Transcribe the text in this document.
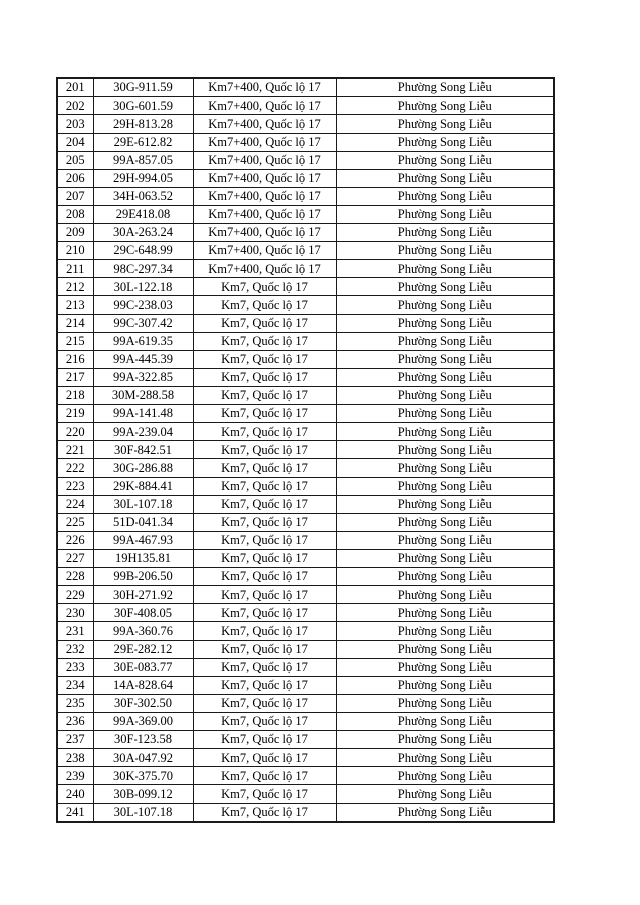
201	30G-911.59	Km7+400, Quốc lộ 17	Phường Song Liễu
202	30G-601.59	Km7+400, Quốc lộ 17	Phường Song Liễu
203	29H-813.28	Km7+400, Quốc lộ 17	Phường Song Liễu
204	29E-612.82	Km7+400, Quốc lộ 17	Phường Song Liễu
205	99A-857.05	Km7+400, Quốc lộ 17	Phường Song Liễu
206	29H-994.05	Km7+400, Quốc lộ 17	Phường Song Liễu
207	34H-063.52	Km7+400, Quốc lộ 17	Phường Song Liễu
208	29E418.08	Km7+400, Quốc lộ 17	Phường Song Liễu
209	30A-263.24	Km7+400, Quốc lộ 17	Phường Song Liễu
210	29C-648.99	Km7+400, Quốc lộ 17	Phường Song Liễu
211	98C-297.34	Km7+400, Quốc lộ 17	Phường Song Liễu
212	30L-122.18	Km7, Quốc lộ 17	Phường Song Liễu
213	99C-238.03	Km7, Quốc lộ 17	Phường Song Liễu
214	99C-307.42	Km7, Quốc lộ 17	Phường Song Liễu
215	99A-619.35	Km7, Quốc lộ 17	Phường Song Liễu
216	99A-445.39	Km7, Quốc lộ 17	Phường Song Liễu
217	99A-322.85	Km7, Quốc lộ 17	Phường Song Liễu
218	30M-288.58	Km7, Quốc lộ 17	Phường Song Liễu
219	99A-141.48	Km7, Quốc lộ 17	Phường Song Liễu
220	99A-239.04	Km7, Quốc lộ 17	Phường Song Liễu
221	30F-842.51	Km7, Quốc lộ 17	Phường Song Liễu
222	30G-286.88	Km7, Quốc lộ 17	Phường Song Liễu
223	29K-884.41	Km7, Quốc lộ 17	Phường Song Liễu
224	30L-107.18	Km7, Quốc lộ 17	Phường Song Liễu
225	51D-041.34	Km7, Quốc lộ 17	Phường Song Liễu
226	99A-467.93	Km7, Quốc lộ 17	Phường Song Liễu
227	19H135.81	Km7, Quốc lộ 17	Phường Song Liễu
228	99B-206.50	Km7, Quốc lộ 17	Phường Song Liễu
229	30H-271.92	Km7, Quốc lộ 17	Phường Song Liễu
230	30F-408.05	Km7, Quốc lộ 17	Phường Song Liễu
231	99A-360.76	Km7, Quốc lộ 17	Phường Song Liễu
232	29E-282.12	Km7, Quốc lộ 17	Phường Song Liễu
233	30E-083.77	Km7, Quốc lộ 17	Phường Song Liễu
234	14A-828.64	Km7, Quốc lộ 17	Phường Song Liễu
235	30F-302.50	Km7, Quốc lộ 17	Phường Song Liễu
236	99A-369.00	Km7, Quốc lộ 17	Phường Song Liễu
237	30F-123.58	Km7, Quốc lộ 17	Phường Song Liễu
238	30A-047.92	Km7, Quốc lộ 17	Phường Song Liễu
239	30K-375.70	Km7, Quốc lộ 17	Phường Song Liễu
240	30B-099.12	Km7, Quốc lộ 17	Phường Song Liễu
241	30L-107.18	Km7, Quốc lộ 17	Phường Song Liễu
